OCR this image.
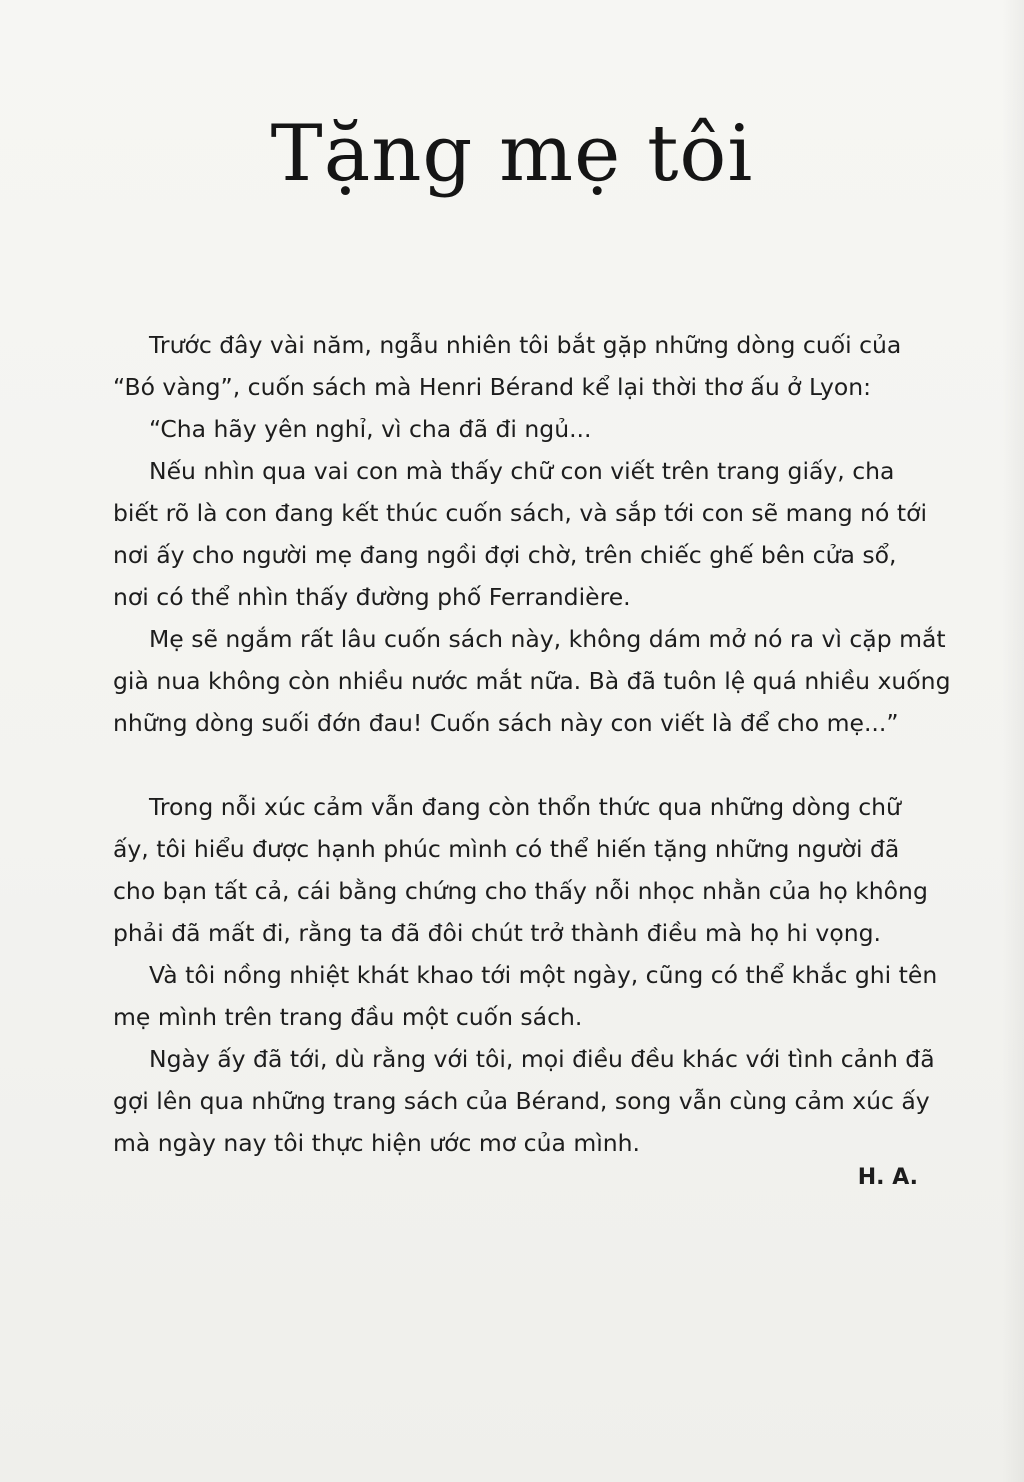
Tặng mẹ tôi
Trước đây vài năm, ngẫu nhiên tôi bắt gặp những dòng cuối của
“Bó vàng”, cuốn sách mà Henri Bérand kể lại thời thơ ấu ở Lyon:
“Cha hãy yên nghỉ, vì cha đã đi ngủ...
Nếu nhìn qua vai con mà thấy chữ con viết trên trang giấy, cha
biết rõ là con đang kết thúc cuốn sách, và sắp tới con sẽ mang nó tới
nơi ấy cho người mẹ đang ngồi đợi chờ, trên chiếc ghế bên cửa sổ,
nơi có thể nhìn thấy đường phố Ferrandière.
Mẹ sẽ ngắm rất lâu cuốn sách này, không dám mở nó ra vì cặp mắt
già nua không còn nhiều nước mắt nữa. Bà đã tuôn lệ quá nhiều xuống
những dòng suối đớn đau! Cuốn sách này con viết là để cho mẹ...”
Trong nỗi xúc cảm vẫn đang còn thổn thức qua những dòng chữ
ấy, tôi hiểu được hạnh phúc mình có thể hiến tặng những người đã
cho bạn tất cả, cái bằng chứng cho thấy nỗi nhọc nhằn của họ không
phải đã mất đi, rằng ta đã đôi chút trở thành điều mà họ hi vọng.
Và tôi nồng nhiệt khát khao tới một ngày, cũng có thể khắc ghi tên
mẹ mình trên trang đầu một cuốn sách.
Ngày ấy đã tới, dù rằng với tôi, mọi điều đều khác với tình cảnh đã
gợi lên qua những trang sách của Bérand, song vẫn cùng cảm xúc ấy
mà ngày nay tôi thực hiện ước mơ của mình.
H. A.
